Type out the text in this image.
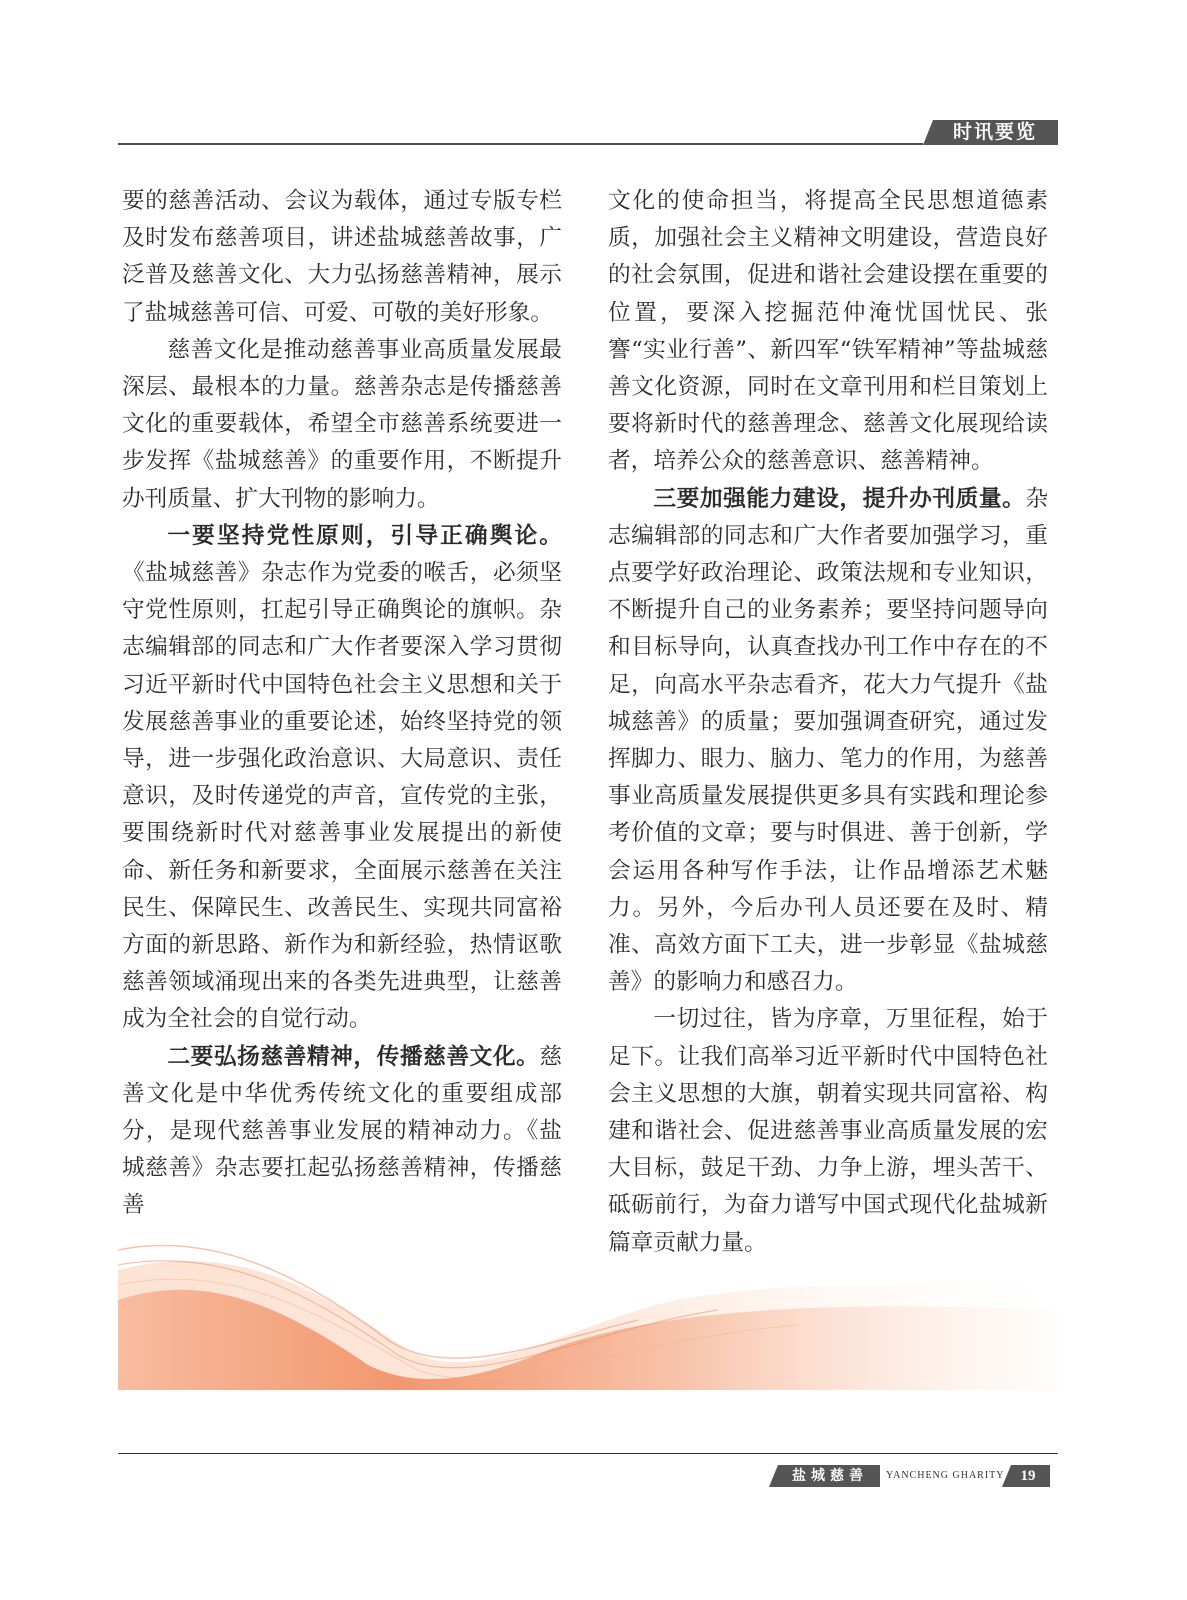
时讯要览

要的慈善活动、会议为载体，通过专版专栏及时发布慈善项目，讲述盐城慈善故事，广泛普及慈善文化、大力弘扬慈善精神，展示了盐城慈善可信、可爱、可敬的美好形象。

慈善文化是推动慈善事业高质量发展最深层、最根本的力量。慈善杂志是传播慈善文化的重要载体，希望全市慈善系统要进一步发挥《盐城慈善》的重要作用，不断提升办刊质量、扩大刊物的影响力。

一要坚持党性原则，引导正确舆论。《盐城慈善》杂志作为党委的喉舌，必须坚守党性原则，扛起引导正确舆论的旗帜。杂志编辑部的同志和广大作者要深入学习贯彻习近平新时代中国特色社会主义思想和关于发展慈善事业的重要论述，始终坚持党的领导，进一步强化政治意识、大局意识、责任意识，及时传递党的声音，宣传党的主张，要围绕新时代对慈善事业发展提出的新使命、新任务和新要求，全面展示慈善在关注民生、保障民生、改善民生、实现共同富裕方面的新思路、新作为和新经验，热情讴歌慈善领域涌现出来的各类先进典型，让慈善成为全社会的自觉行动。

二要弘扬慈善精神，传播慈善文化。慈善文化是中华优秀传统文化的重要组成部分，是现代慈善事业发展的精神动力。《盐城慈善》杂志要扛起弘扬慈善精神，传播慈善

文化的使命担当，将提高全民思想道德素质，加强社会主义精神文明建设，营造良好的社会氛围，促进和谐社会建设摆在重要的位置，要深入挖掘范仲淹忧国忧民、张謇“实业行善”、新四军“铁军精神”等盐城慈善文化资源，同时在文章刊用和栏目策划上要将新时代的慈善理念、慈善文化展现给读者，培养公众的慈善意识、慈善精神。

三要加强能力建设，提升办刊质量。杂志编辑部的同志和广大作者要加强学习，重点要学好政治理论、政策法规和专业知识，不断提升自己的业务素养；要坚持问题导向和目标导向，认真查找办刊工作中存在的不足，向高水平杂志看齐，花大力气提升《盐城慈善》的质量；要加强调查研究，通过发挥脚力、眼力、脑力、笔力的作用，为慈善事业高质量发展提供更多具有实践和理论参考价值的文章；要与时俱进、善于创新，学会运用各种写作手法，让作品增添艺术魅力。另外，今后办刊人员还要在及时、精准、高效方面下工夫，进一步彰显《盐城慈善》的影响力和感召力。

一切过往，皆为序章，万里征程，始于足下。让我们高举习近平新时代中国特色社会主义思想的大旗，朝着实现共同富裕、构建和谐社会、促进慈善事业高质量发展的宏大目标，鼓足干劲、力争上游，埋头苦干、砥砺前行，为奋力谱写中国式现代化盐城新篇章贡献力量。

盐城慈善	YANCHENG GHARITY	19
